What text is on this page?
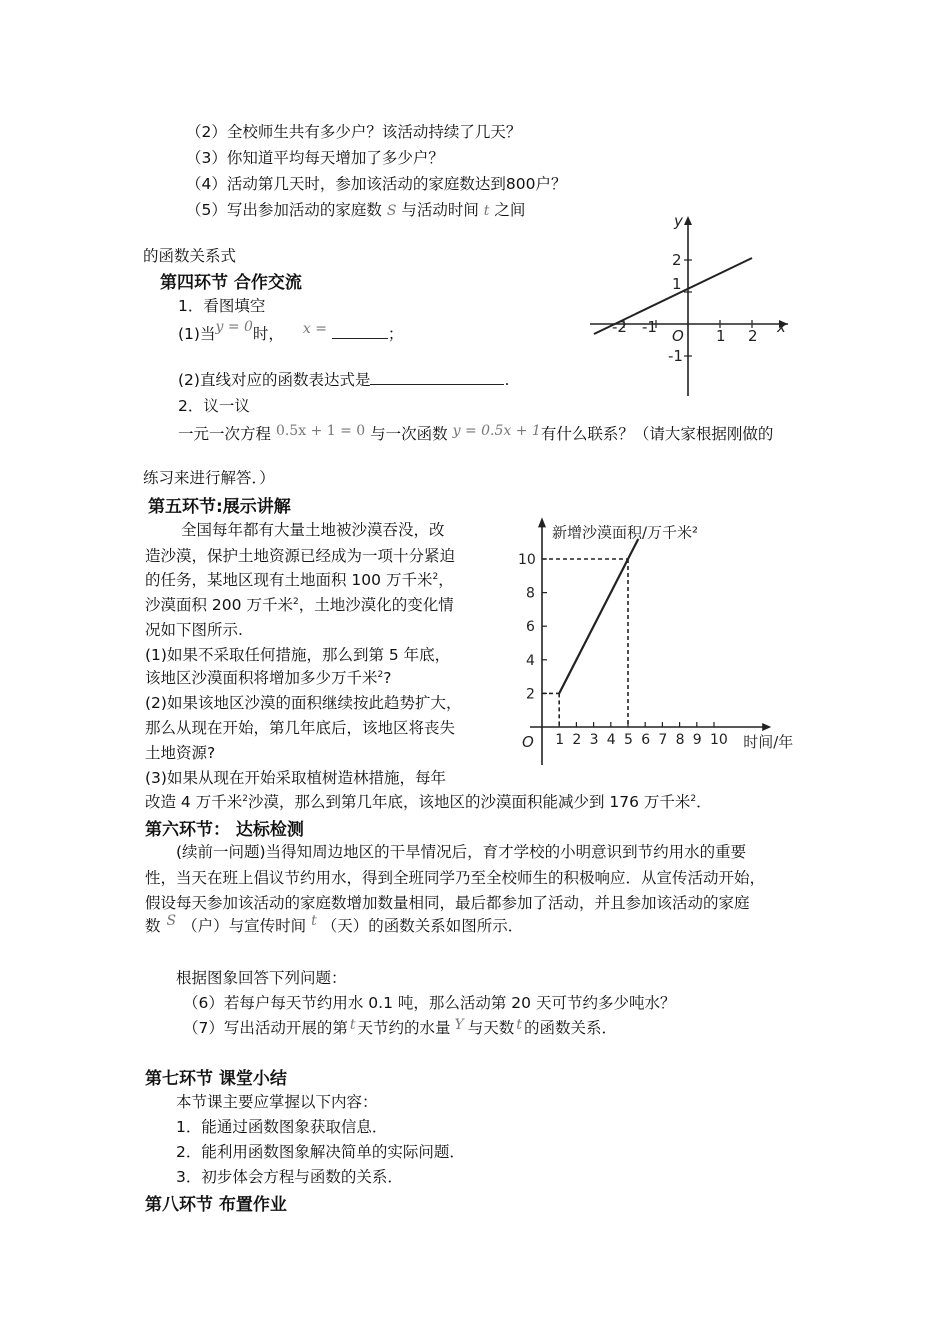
（2）全校师生共有多少户？该活动持续了几天？
（3）你知道平均每天增加了多少户？
（4）活动第几天时，参加该活动的家庭数达到800户？
（5）写出参加活动的家庭数 S 与活动时间 t 之间
的函数关系式
第四环节 合作交流
1．看图填空
(1)当y = 0时， x =	；
(2)直线对应的函数表达式是	.
2．议一议
一元一次方程 0.5x + 1 = 0 与一次函数 y = 0.5x + 1有什么联系？（请大家根据刚做的
练习来进行解答．）
x
y
O
-2 -1	1 2
2
1
-1
第五环节:展示讲解
全国每年都有大量土地被沙漠吞没，改
造沙漠，保护土地资源已经成为一项十分紧迫
的任务，某地区现有土地面积 100 万千米$^2$，
沙漠面积 200 万千米$^2$，土地沙漠化的变化情
况如下图所示.
(1)如果不采取任何措施，那么到第 5 年底，
该地区沙漠面积将增加多少万千米$^2$?
(2)如果该地区沙漠的面积继续按此趋势扩大，
那么从现在开始，第几年底后，该地区将丧失
土地资源?
(3)如果从现在开始采取植树造林措施，每年
改造 4 万千米$^2$沙漠，那么到第几年底，该地区的沙漠面积能减少到 176 万千米$^2$．
1 2 3 4 5 6 7 8 9 10
2
4
6
8
10
O	时间/年
新增沙漠面积/万千米²
第六环节： 达标检测
(续前一问题)当得知周边地区的干旱情况后，育才学校的小明意识到节约用水的重要
性，当天在班上倡议节约用水，得到全班同学乃至全校师生的积极响应．从宣传活动开始，
假设每天参加该活动的家庭数增加数量相同，最后都参加了活动，并且参加该活动的家庭
数 S （户）与宣传时间 t （天）的函数关系如图所示．
根据图象回答下列问题：
（6）若每户每天节约用水 0.1 吨，那么活动第 20 天可节约多少吨水？
（7）写出活动开展的第 t 天节约的水量 Y 与天数 t 的函数关系．
第七环节 课堂小结
本节课主要应掌握以下内容：
1．能通过函数图象获取信息．
2．能利用函数图象解决简单的实际问题．
3．初步体会方程与函数的关系．
第八环节 布置作业
